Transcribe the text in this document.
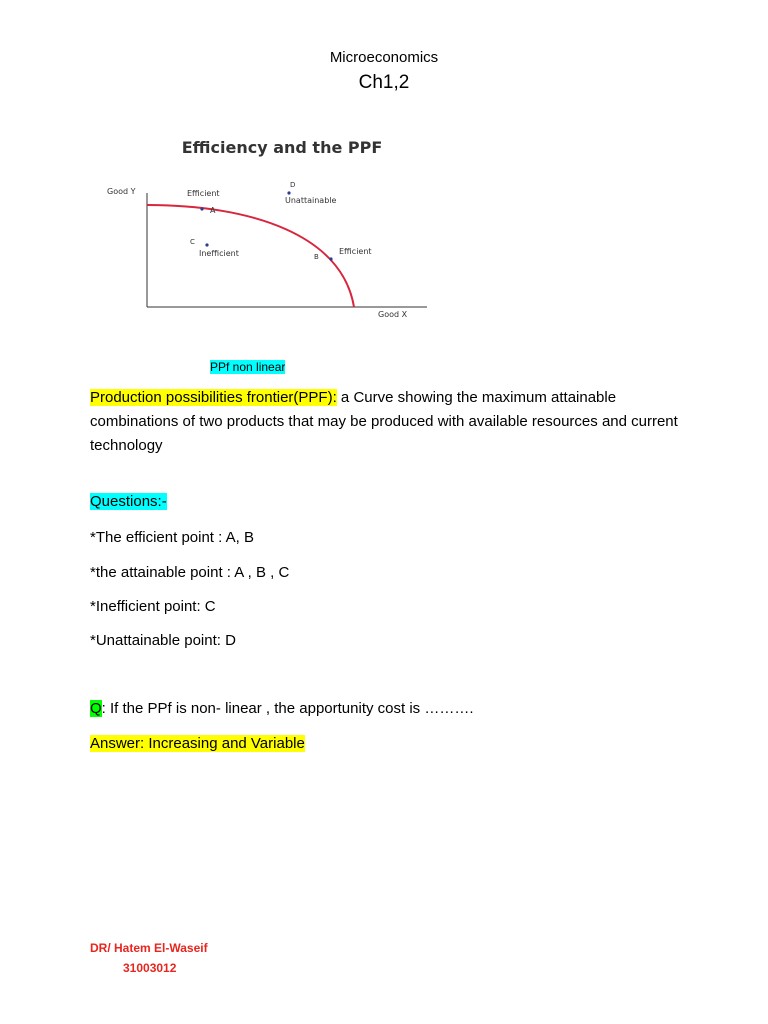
Microeconomics
Ch1,2
Efficiency and the PPF
Good Y
Good X
Efficient
A
D
Unattainable
C
Inefficient	B
Efficient
PPf non linear
Production possibilities frontier(PPF): a Curve showing the maximum attainable combinations of two products that may be produced with available resources and current technology
Questions:-
*The efficient point : A, B
*the attainable point : A , B , C
*Inefficient point: C
*Unattainable point: D
Q: If the PPf is non- linear , the apportunity cost is ……….
Answer: Increasing and Variable
DR/ Hatem El-Waseif
31003012
